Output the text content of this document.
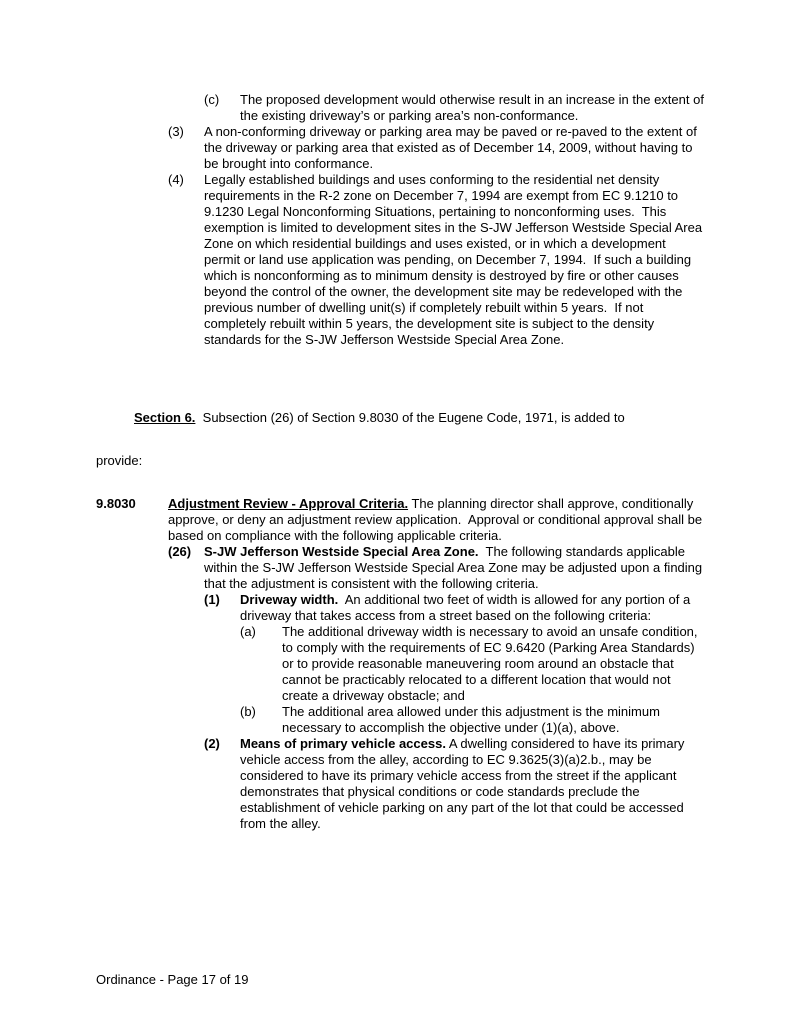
(c)	The proposed development would otherwise result in an increase in the extent of the existing driveway’s or parking area’s non-conformance.
(3)	A non-conforming driveway or parking area may be paved or re-paved to the extent of the driveway or parking area that existed as of December 14, 2009, without having to be brought into conformance.
(4)	Legally established buildings and uses conforming to the residential net density requirements in the R-2 zone on December 7, 1994 are exempt from EC 9.1210 to 9.1230 Legal Nonconforming Situations, pertaining to nonconforming uses.  This exemption is limited to development sites in the S-JW Jefferson Westside Special Area Zone on which residential buildings and uses existed, or in which a development permit or land use application was pending, on December 7, 1994.  If such a building which is nonconforming as to minimum density is destroyed by fire or other causes beyond the control of the owner, the development site may be redeveloped with the previous number of dwelling unit(s) if completely rebuilt within 5 years.  If not completely rebuilt within 5 years, the development site is subject to the density standards for the S-JW Jefferson Westside Special Area Zone.
Section 6.  Subsection (26) of Section 9.8030 of the Eugene Code, 1971, is added to
provide:
9.8030	Adjustment Review - Approval Criteria. The planning director shall approve, conditionally approve, or deny an adjustment review application.  Approval or conditional approval shall be based on compliance with the following applicable criteria.
(26) S-JW Jefferson Westside Special Area Zone.  The following standards applicable within the S-JW Jefferson Westside Special Area Zone may be adjusted upon a finding that the adjustment is consistent with the following criteria.
(1)	Driveway width.  An additional two feet of width is allowed for any portion of a driveway that takes access from a street based on the following criteria:
(a)	The additional driveway width is necessary to avoid an unsafe condition, to comply with the requirements of EC 9.6420 (Parking Area Standards) or to provide reasonable maneuvering room around an obstacle that cannot be practicably relocated to a different location that would not create a driveway obstacle; and
(b)	The additional area allowed under this adjustment is the minimum necessary to accomplish the objective under (1)(a), above.
(2)	Means of primary vehicle access. A dwelling considered to have its primary vehicle access from the alley, according to EC 9.3625(3)(a)2.b., may be considered to have its primary vehicle access from the street if the applicant demonstrates that physical conditions or code standards preclude the establishment of vehicle parking on any part of the lot that could be accessed from the alley.
Ordinance - Page 17 of 19
